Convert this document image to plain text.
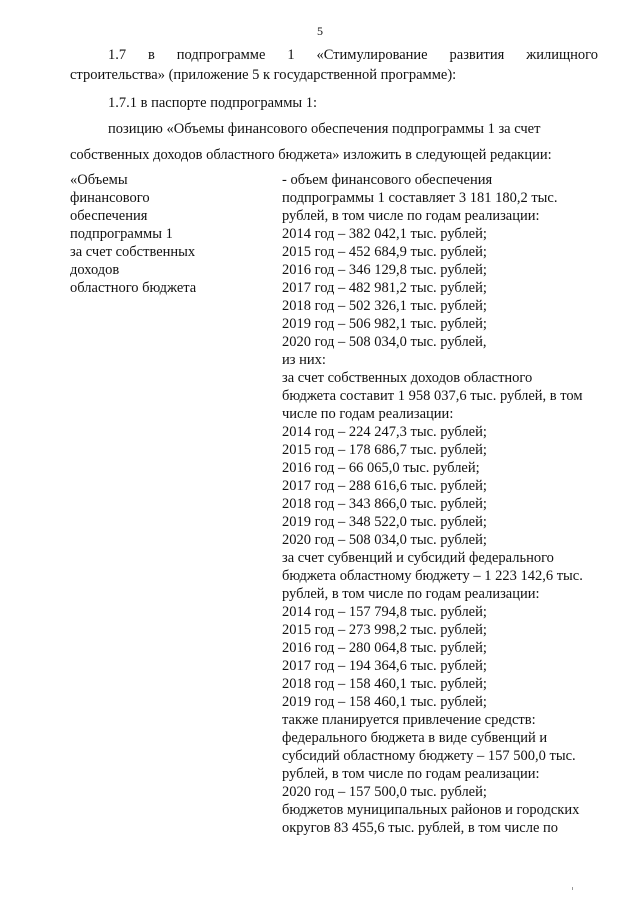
5
1.7 в подпрограмме 1 «Стимулирование развития жилищного
строительства» (приложение 5 к государственной программе):
1.7.1 в паспорте подпрограммы 1:
позицию «Объемы финансового обеспечения подпрограммы 1 за счет
собственных доходов областного бюджета» изложить в следующей редакции:
«Объемы
финансового
обеспечения
подпрограммы 1
за счет собственных
доходов
областного бюджета
- объем финансового обеспечения
подпрограммы 1 составляет 3 181 180,2 тыс.
рублей, в том числе по годам реализации:
2014 год – 382 042,1 тыс. рублей;
2015 год – 452 684,9 тыс. рублей;
2016 год – 346 129,8 тыс. рублей;
2017 год – 482 981,2 тыс. рублей;
2018 год – 502 326,1 тыс. рублей;
2019 год – 506 982,1 тыс. рублей;
2020 год – 508 034,0 тыс. рублей,
из них:
за счет собственных доходов областного
бюджета составит 1 958 037,6 тыс. рублей, в том
числе по годам реализации:
2014 год – 224 247,3 тыс. рублей;
2015 год – 178 686,7 тыс. рублей;
2016 год – 66 065,0 тыс. рублей;
2017 год – 288 616,6 тыс. рублей;
2018 год – 343 866,0 тыс. рублей;
2019 год – 348 522,0 тыс. рублей;
2020 год – 508 034,0 тыс. рублей;
за счет субвенций и субсидий федерального
бюджета областному бюджету – 1 223 142,6 тыс.
рублей, в том числе по годам реализации:
2014 год – 157 794,8 тыс. рублей;
2015 год – 273 998,2 тыс. рублей;
2016 год – 280 064,8 тыс. рублей;
2017 год – 194 364,6 тыс. рублей;
2018 год – 158 460,1 тыс. рублей;
2019 год – 158 460,1 тыс. рублей;
также планируется привлечение средств:
федерального бюджета в виде субвенций и
субсидий областному бюджету – 157 500,0 тыс.
рублей, в том числе по годам реализации:
2020 год – 157 500,0 тыс. рублей;
бюджетов муниципальных районов и городских
округов 83 455,6 тыс. рублей, в том числе по
